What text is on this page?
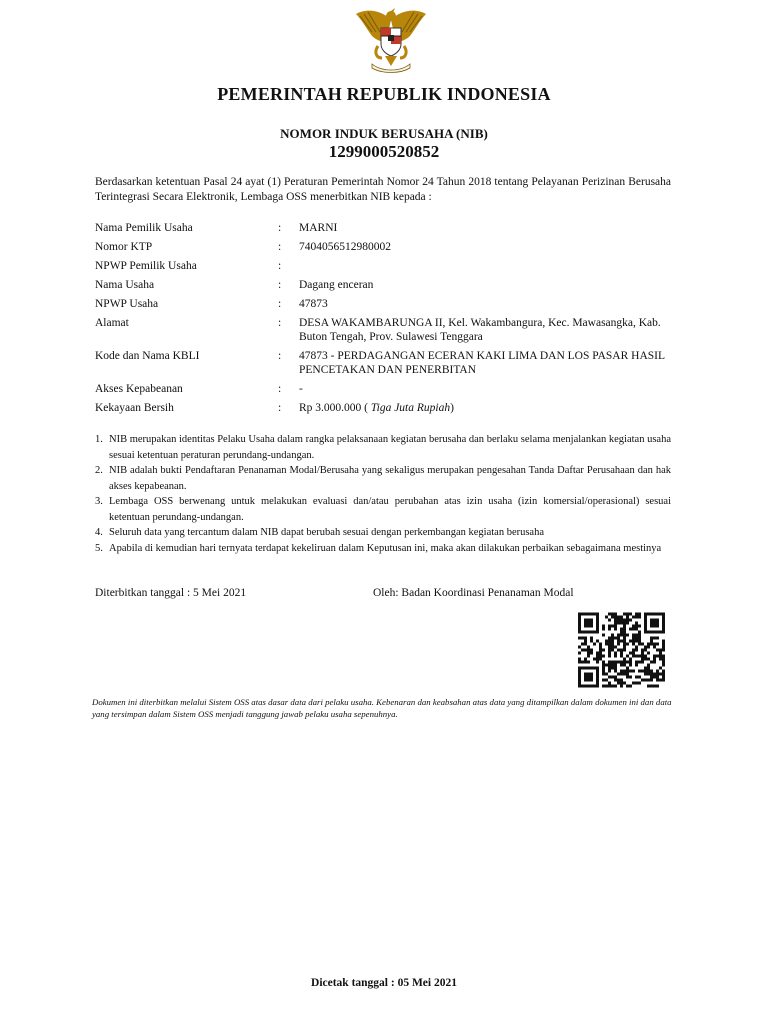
PEMERINTAH REPUBLIK INDONESIA
NOMOR INDUK BERUSAHA (NIB)
1299000520852
Berdasarkan ketentuan Pasal 24 ayat (1) Peraturan Pemerintah Nomor 24 Tahun 2018 tentang Pelayanan Perizinan Berusaha Terintegrasi Secara Elektronik, Lembaga OSS menerbitkan NIB kepada :
Nama Pemilik Usaha	:	MARNI
Nomor KTP	:	7404056512980002
NPWP Pemilik Usaha	:
Nama Usaha	:	Dagang enceran
NPWP Usaha	:	47873
Alamat	:	DESA WAKAMBARUNGA II, Kel. Wakambangura, Kec. Mawasangka, Kab. Buton Tengah, Prov. Sulawesi Tenggara
Kode dan Nama KBLI	:	47873 - PERDAGANGAN ECERAN KAKI LIMA DAN LOS PASAR HASIL PENCETAKAN DAN PENERBITAN
Akses Kepabeanan	:	-
Kekayaan Bersih	:	Rp 3.000.000 ( Tiga Juta Rupiah)
1. NIB merupakan identitas Pelaku Usaha dalam rangka pelaksanaan kegiatan berusaha dan berlaku selama menjalankan kegiatan usaha sesuai ketentuan peraturan perundang-undangan.
2. NIB adalah bukti Pendaftaran Penanaman Modal/Berusaha yang sekaligus merupakan pengesahan Tanda Daftar Perusahaan dan hak akses kepabeanan.
3. Lembaga OSS berwenang untuk melakukan evaluasi dan/atau perubahan atas izin usaha (izin komersial/operasional) sesuai ketentuan perundang-undangan.
4. Seluruh data yang tercantum dalam NIB dapat berubah sesuai dengan perkembangan kegiatan berusaha
5. Apabila di kemudian hari ternyata terdapat kekeliruan dalam Keputusan ini, maka akan dilakukan perbaikan sebagaimana mestinya
Diterbitkan tanggal : 5 Mei 2021	Oleh: Badan Koordinasi Penanaman Modal
Dokumen ini diterbitkan melalui Sistem OSS atas dasar data dari pelaku usaha. Kebenaran dan keabsahan atas data yang ditampilkan dalam dokumen ini dan data yang tersimpan dalam Sistem OSS menjadi tanggung jawab pelaku usaha sepenuhnya.
Dicetak tanggal : 05 Mei 2021
